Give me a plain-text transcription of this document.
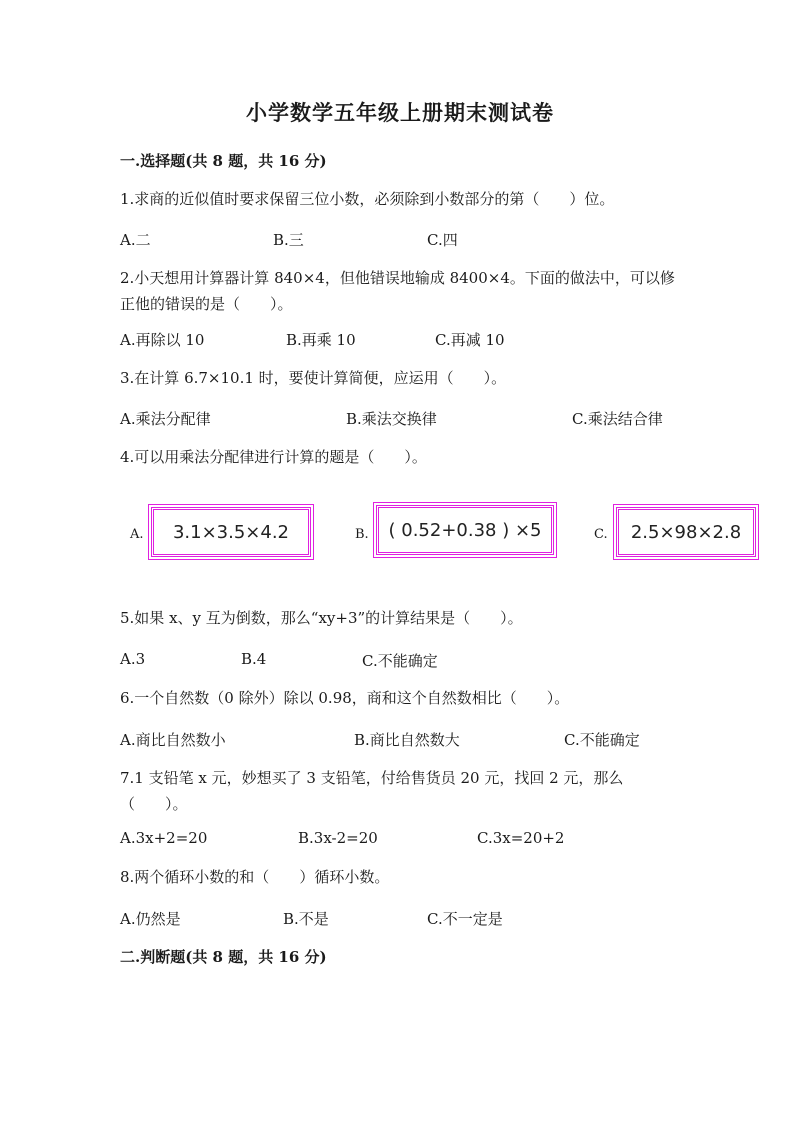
小学数学五年级上册期末测试卷
一.选择题(共 8 题，共 16 分)
1.求商的近似值时要求保留三位小数，必须除到小数部分的第（　　）位。
A.二	B.三	C.四
2.小天想用计算器计算 840×4，但他错误地输成 8400×4。下面的做法中，可以修正他的错误的是（　　）。
A.再除以 10	B.再乘 10	C.再减 10
3.在计算 6.7×10.1 时，要使计算简便，应运用（　　）。
A.乘法分配律	B.乘法交换律	C.乘法结合律
4.可以用乘法分配律进行计算的题是（　　）。
A.	3.1×3.5×4.2	B.	( 0.52+0.38 ) ×5	C.	2.5×98×2.8
5.如果 x、y 互为倒数，那么“xy+3”的计算结果是（　　）。
A.3	B.4	C.不能确定
6.一个自然数（0 除外）除以 0.98，商和这个自然数相比（　　）。
A.商比自然数小	B.商比自然数大	C.不能确定
7.1 支铅笔 x 元，妙想买了 3 支铅笔，付给售货员 20 元，找回 2 元，那么（　　）。
A.3x+2=20	B.3x-2=20	C.3x=20+2
8.两个循环小数的和（　　）循环小数。
A.仍然是	B.不是	C.不一定是
二.判断题(共 8 题，共 16 分)
